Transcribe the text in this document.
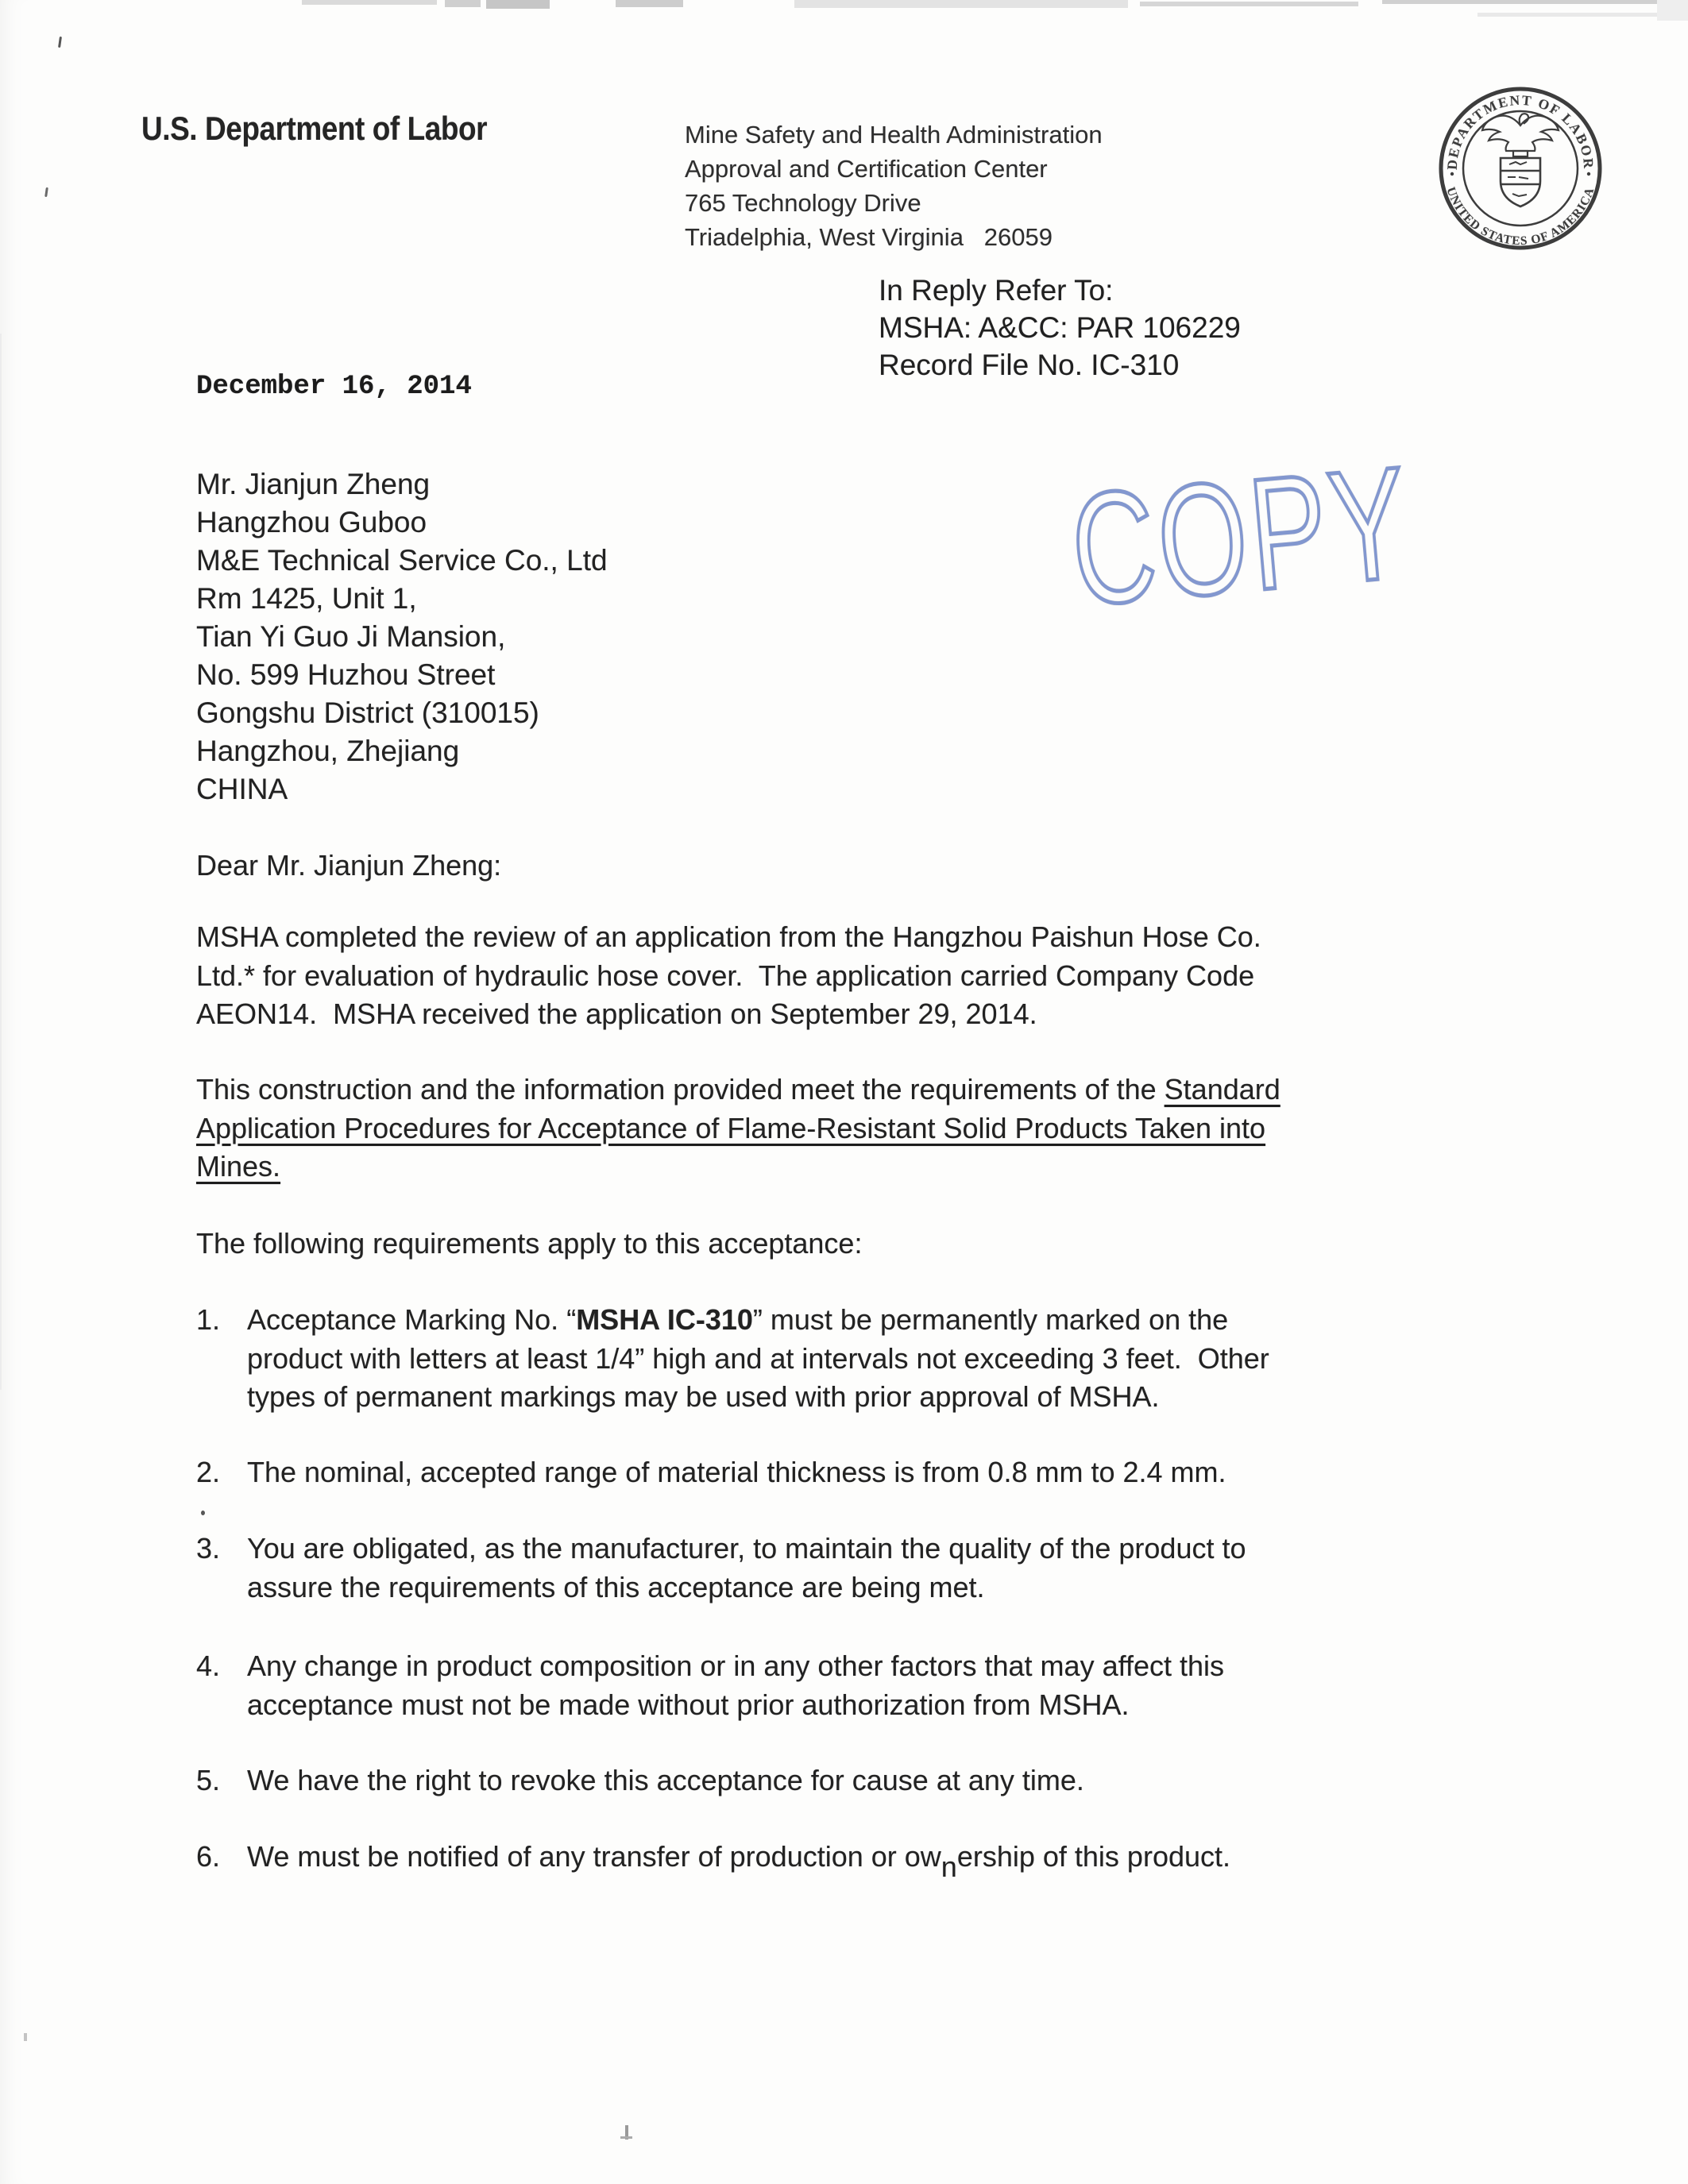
U.S. Department of Labor	Mine Safety and Health Administration
Approval and Certification Center
765 Technology Drive
Triadelphia, West Virginia   26059
DEPARTMENT OF LABOR
UNITED STATES OF AMERICA
In Reply Refer To:
MSHA: A&CC: PAR 106229
Record File No. IC-310
December 16, 2014
Mr. Jianjun Zheng
Hangzhou Guboo
M&E Technical Service Co., Ltd
Rm 1425, Unit 1,
Tian Yi Guo Ji Mansion,
No. 599 Huzhou Street
Gongshu District (310015)
Hangzhou, Zhejiang
CHINA
COPY
Dear Mr. Jianjun Zheng:
MSHA completed the review of an application from the Hangzhou Paishun Hose Co.
Ltd.* for evaluation of hydraulic hose cover.  The application carried Company Code
AEON14.  MSHA received the application on September 29, 2014.
This construction and the information provided meet the requirements of the Standard
Application Procedures for Acceptance of Flame-Resistant Solid Products Taken into
Mines.
The following requirements apply to this acceptance:
1. Acceptance Marking No. “MSHA IC-310” must be permanently marked on the
product with letters at least 1/4” high and at intervals not exceeding 3 feet.  Other
types of permanent markings may be used with prior approval of MSHA.
2. The nominal, accepted range of material thickness is from 0.8 mm to 2.4 mm.
3. You are obligated, as the manufacturer, to maintain the quality of the product to
assure the requirements of this acceptance are being met.
4. Any change in product composition or in any other factors that may affect this
acceptance must not be made without prior authorization from MSHA.
5. We have the right to revoke this acceptance for cause at any time.
6. We must be notified of any transfer of production or ownership of this product.
